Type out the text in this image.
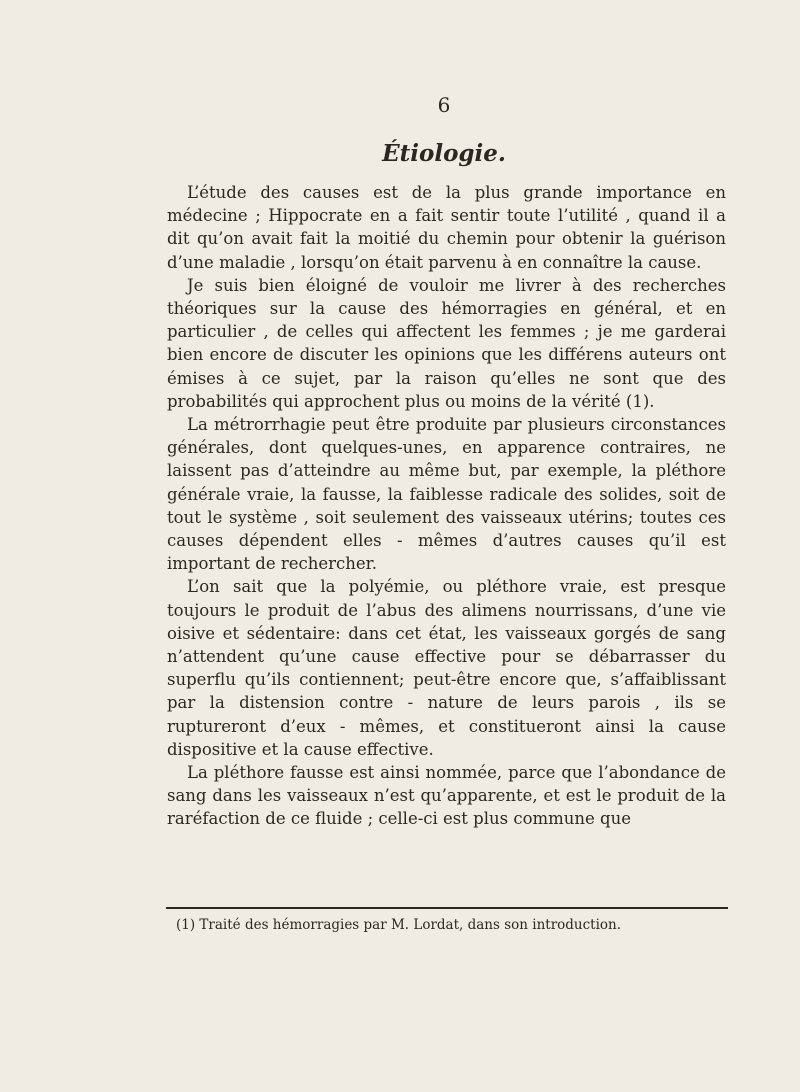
6
Étiologie.

L’étude des causes est de la plus grande importance en médecine ; Hippocrate en a fait sentir toute l’utilité , quand il a dit qu’on avait fait la moitié du chemin pour obtenir la guérison d’une maladie , lorsqu’on était parvenu à en connaître la cause.

Je suis bien éloigné de vouloir me livrer à des recherches théoriques sur la cause des hémorragies en général, et en particulier , de celles qui affectent les femmes ; je me garderai bien encore de discuter les opinions que les différens auteurs ont émises à ce sujet, par la raison qu’elles ne sont que des probabilités qui approchent plus ou moins de la vérité (1).

La métrorrhagie peut être produite par plusieurs circonstances générales, dont quelques-unes, en apparence contraires, ne laissent pas d’atteindre au même but, par exemple, la pléthore générale vraie, la fausse, la faiblesse radicale des solides, soit de tout le système , soit seulement des vaisseaux utérins; toutes ces causes dépendent elles - mêmes d’autres causes qu’il est important de rechercher.

L’on sait que la polyémie, ou pléthore vraie, est presque toujours le produit de l’abus des alimens nourrissans, d’une vie oisive et sédentaire: dans cet état, les vaisseaux gorgés de sang n’attendent qu’une cause effective pour se débarrasser du superflu qu’ils contiennent; peut-être encore que, s’affaiblissant par la distension contre - nature de leurs parois , ils se rupturеront d’eux - mêmes, et constitueront ainsi la cause dispositive et la cause effective.

La pléthore fausse est ainsi nommée, parce que l’abondance de sang dans les vaisseaux n’est qu’apparente, et est le produit de la raréfaction de ce fluide ; celle-ci est plus commune que

(1) Traité des hémorragies par M. Lordat, dans son introduction.
